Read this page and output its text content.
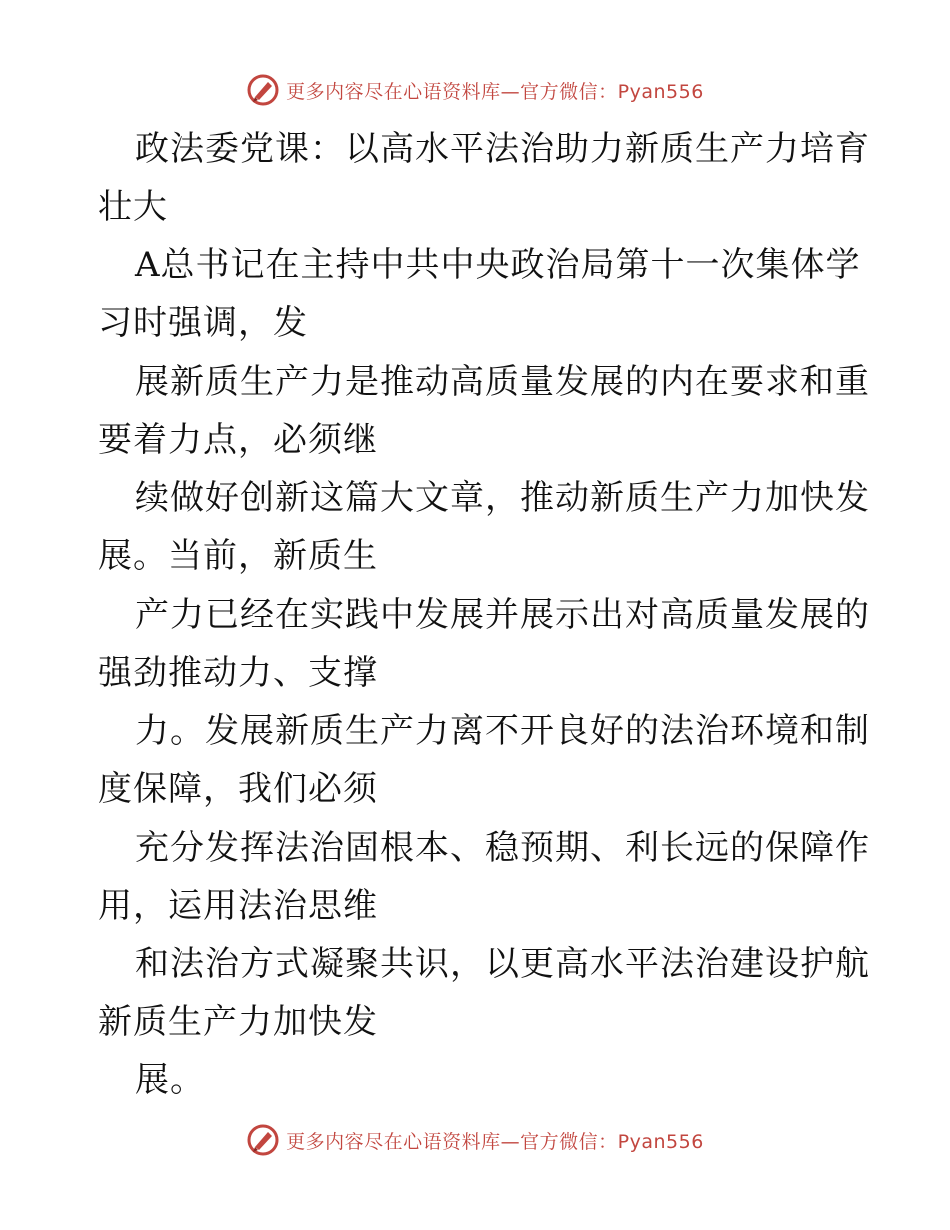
更多内容尽在心语资料库—官方微信：Pyan556
政法委党课：以高水平法治助力新质生产力培育
壮大
A总书记在主持中共中央政治局第十一次集体学
习时强调，发
展新质生产力是推动高质量发展的内在要求和重
要着力点，必须继
续做好创新这篇大文章，推动新质生产力加快发
展。当前，新质生
产力已经在实践中发展并展示出对高质量发展的
强劲推动力、支撑
力。发展新质生产力离不开良好的法治环境和制
度保障，我们必须
充分发挥法治固根本、稳预期、利长远的保障作
用，运用法治思维
和法治方式凝聚共识，以更高水平法治建设护航
新质生产力加快发
展。
更多内容尽在心语资料库—官方微信：Pyan556
